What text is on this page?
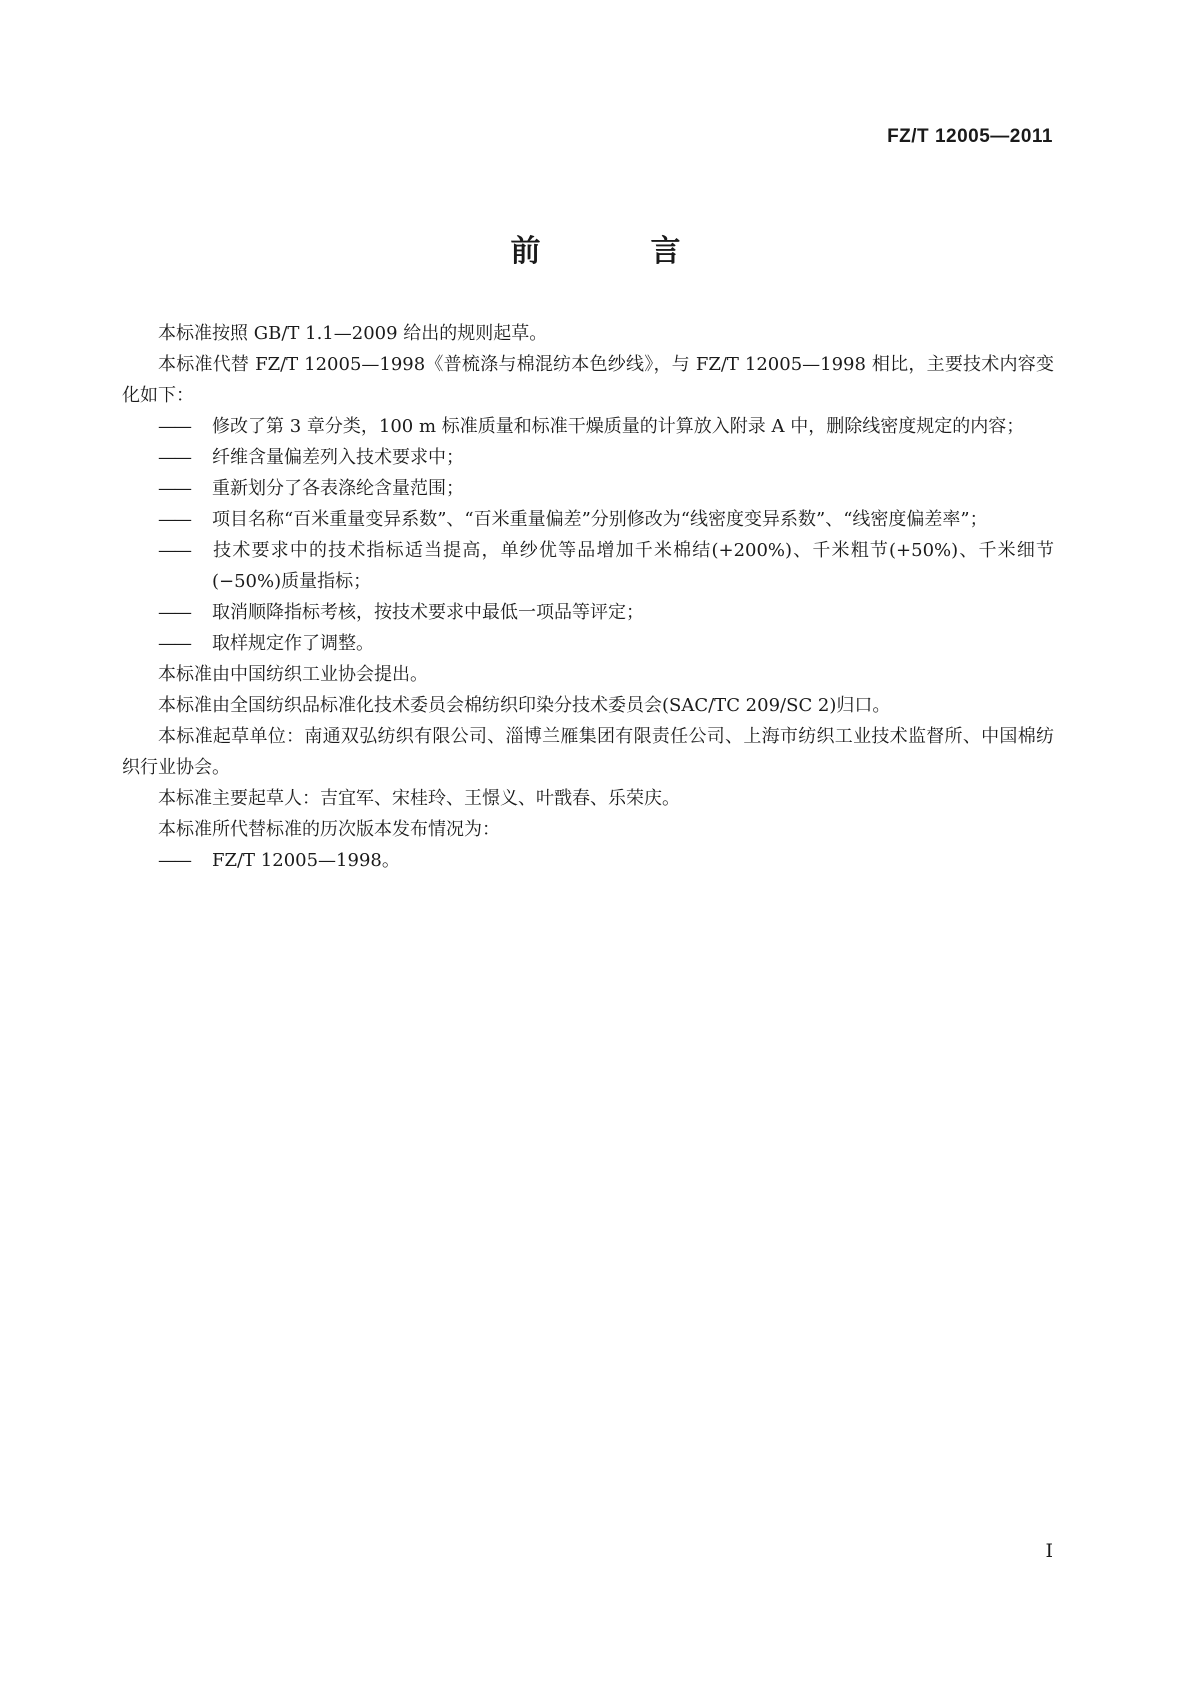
FZ/T 12005—2011
前　言

本标准按照 GB/T 1.1—2009 给出的规则起草。

本标准代替 FZ/T 12005—1998《普梳涤与棉混纺本色纱线》，与 FZ/T 12005—1998 相比，主要技术内容变化如下：

—— 修改了第 3 章分类，100 m 标准质量和标准干燥质量的计算放入附录 A 中，删除线密度规定的内容；
—— 纤维含量偏差列入技术要求中；
—— 重新划分了各表涤纶含量范围；
—— 项目名称“百米重量变异系数”、“百米重量偏差”分别修改为“线密度变异系数”、“线密度偏差率”；
—— 技术要求中的技术指标适当提高，单纱优等品增加千米棉结(+200%)、千米粗节(+50%)、千米细节(−50%)质量指标；
—— 取消顺降指标考核，按技术要求中最低一项品等评定；
—— 取样规定作了调整。

本标准由中国纺织工业协会提出。

本标准由全国纺织品标准化技术委员会棉纺织印染分技术委员会(SAC/TC 209/SC 2)归口。

本标准起草单位：南通双弘纺织有限公司、淄博兰雁集团有限责任公司、上海市纺织工业技术监督所、中国棉纺织行业协会。

本标准主要起草人：吉宜军、宋桂玲、王憬义、叶戬春、乐荣庆。

本标准所代替标准的历次版本发布情况为：

—— FZ/T 12005—1998。
I
